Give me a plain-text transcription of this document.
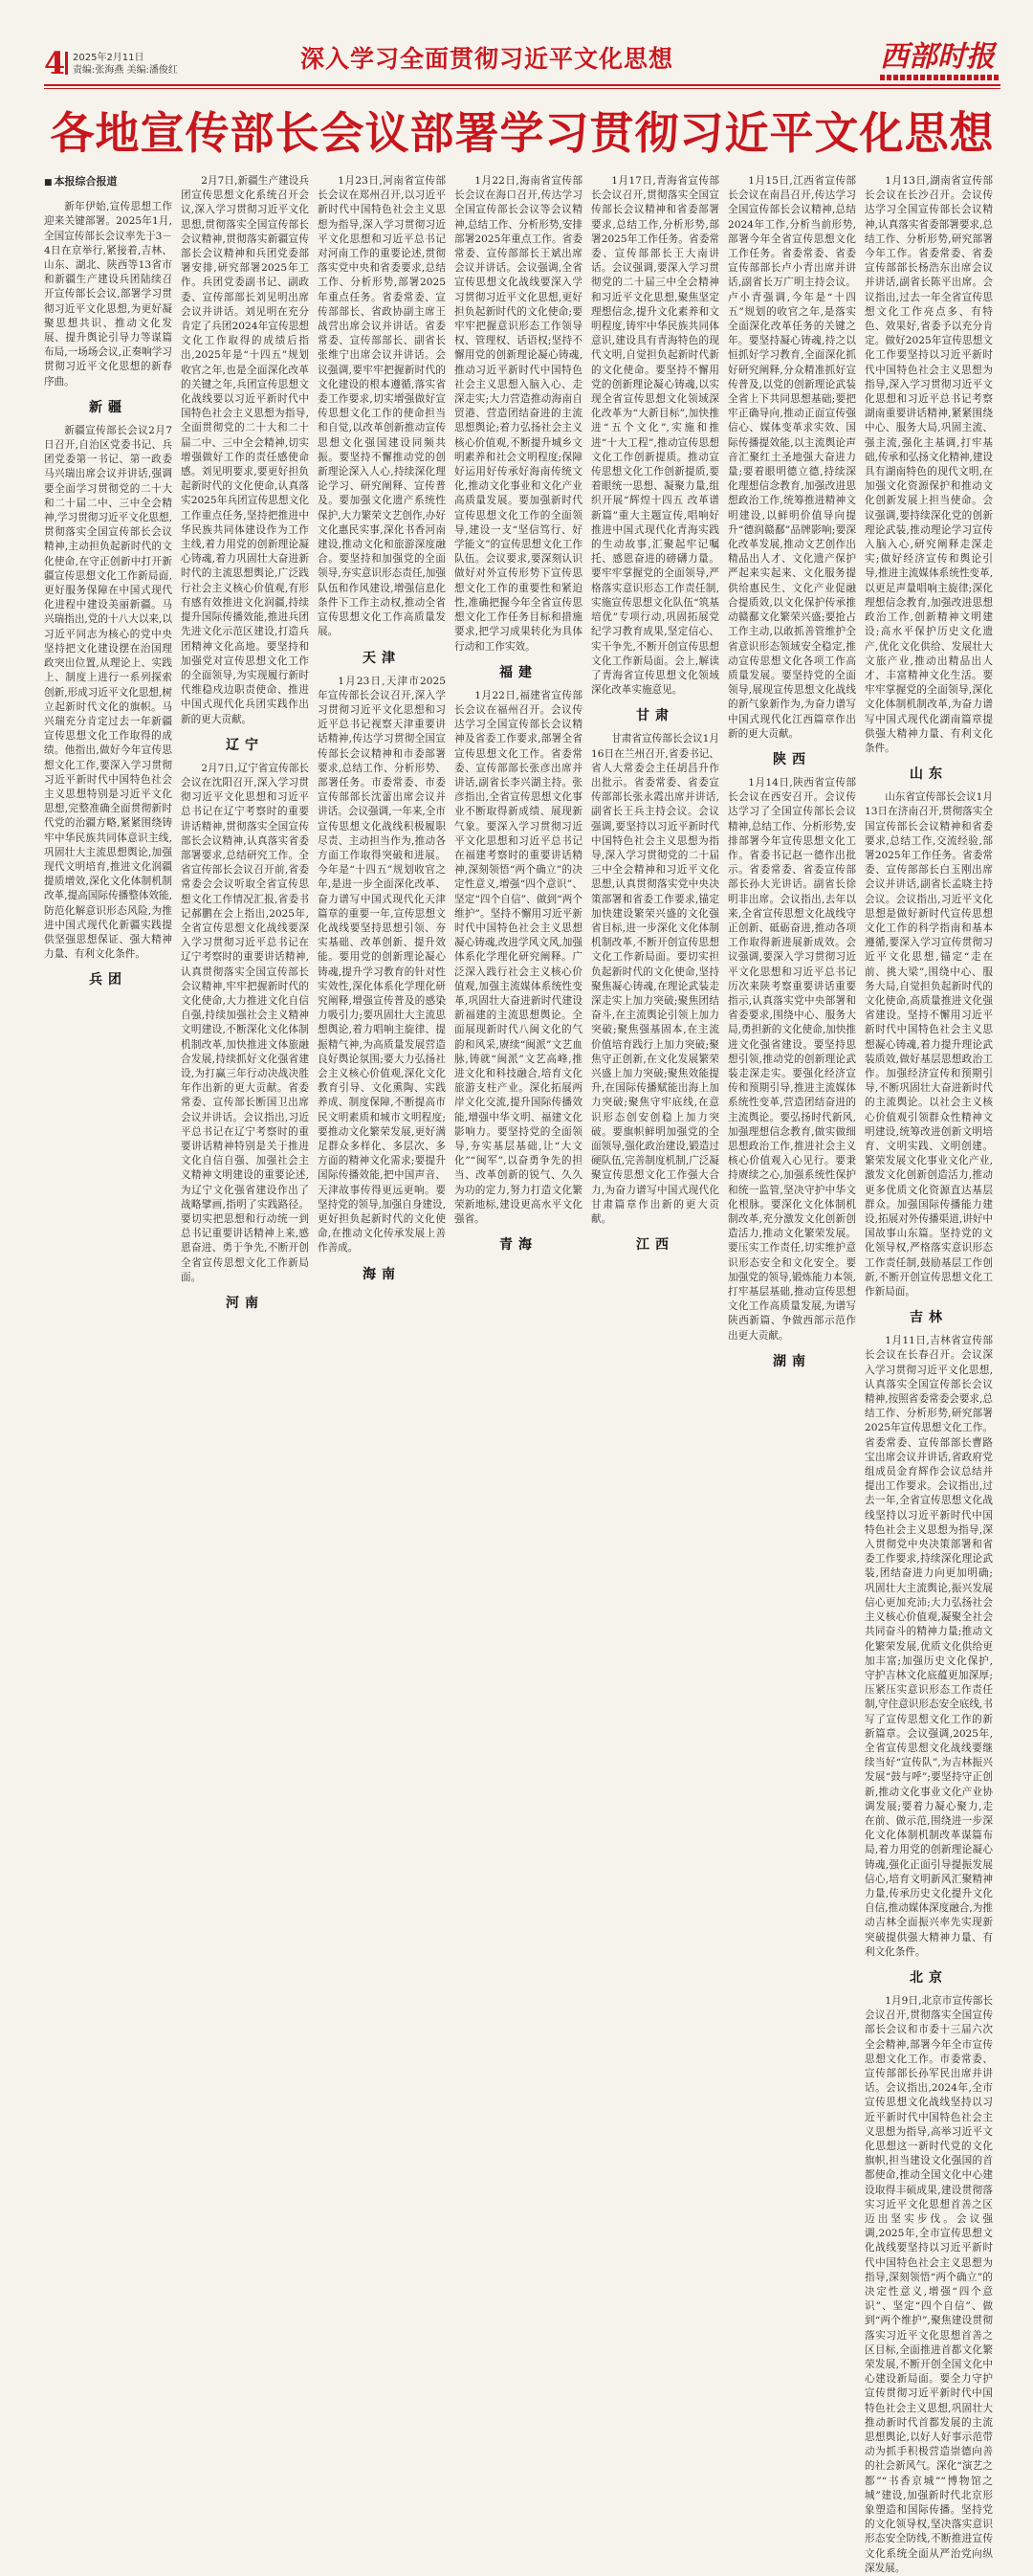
4 2025年2月11日
责编:张海燕 美编:潘俊红	深入学习全面贯彻习近平文化思想	西部时报
各地宣传部长会议部署学习贯彻习近平文化思想

■ 本报综合报道

新年伊始,宣传思想工作迎来关键部署。2025年1月,全国宣传部长会议率先于3－4日在京举行,紧接着,吉林、山东、湖北、陕西等13省市和新疆生产建设兵团陆续召开宣传部长会议,部署学习贯彻习近平文化思想,为更好凝聚思想共识、推动文化发展、提升舆论引导力等谋篇布局,一场场会议,正奏响学习贯彻习近平文化思想的新春序曲。

新疆

新疆宣传部长会议2月7日召开,自治区党委书记、兵团党委第一书记、第一政委马兴瑞出席会议并讲话,强调要全面学习贯彻党的二十大和二十届二中、三中全会精神,学习贯彻习近平文化思想,贯彻落实全国宣传部长会议精神,主动担负起新时代的文化使命,在守正创新中打开新疆宣传思想文化工作新局面,更好服务保障在中国式现代化进程中建设美丽新疆。马兴瑞指出,党的十八大以来,以习近平同志为核心的党中央坚持把文化建设摆在治国理政突出位置,从理论上、实践上、制度上进行一系列探索创新,形成习近平文化思想,树立起新时代文化的旗帜。马兴瑞充分肯定过去一年新疆宣传思想文化工作取得的成绩。他指出,做好今年宣传思想文化工作,要深入学习贯彻习近平新时代中国特色社会主义思想特别是习近平文化思想,完整准确全面贯彻新时代党的治疆方略,紧紧围绕铸牢中华民族共同体意识主线,巩固壮大主流思想舆论,加强现代文明培育,推进文化润疆提质增效,深化文化体制机制改革,提高国际传播整体效能,防范化解意识形态风险,为推进中国式现代化新疆实践提供坚强思想保证、强大精神力量、有利文化条件。

兵团

2月7日,新疆生产建设兵团宣传思想文化系统召开会议,深入学习贯彻习近平文化思想,贯彻落实全国宣传部长会议精神,贯彻落实新疆宣传部长会议精神和兵团党委部署安排,研究部署2025年工作。兵团党委副书记、副政委、宣传部部长刘见明出席会议并讲话。刘见明在充分肯定了兵团2024年宣传思想文化工作取得的成绩后指出,2025年是“十四五”规划收官之年,也是全面深化改革的关键之年,兵团宣传思想文化战线要以习近平新时代中国特色社会主义思想为指导,全面贯彻党的二十大和二十届二中、三中全会精神,切实增强做好工作的责任感使命感。刘见明要求,要更好担负起新时代的文化使命,认真落实2025年兵团宣传思想文化工作重点任务,坚持把推进中华民族共同体建设作为工作主线,着力用党的创新理论凝心铸魂,着力巩固壮大奋进新时代的主流思想舆论,广泛践行社会主义核心价值观,有形有感有效推进文化润疆,持续提升国际传播效能,推进兵团先进文化示范区建设,打造兵团精神文化高地。要坚持和加强党对宣传思想文化工作的全面领导,为实现履行新时代维稳戍边职责使命、推进中国式现代化兵团实践作出新的更大贡献。

辽宁

2月7日,辽宁省宣传部长会议在沈阳召开,深入学习贯彻习近平文化思想和习近平总书记在辽宁考察时的重要讲话精神,贯彻落实全国宣传部长会议精神,认真落实省委部署要求,总结研究工作。全省宣传部长会议召开前,省委常委会会议听取全省宣传思想文化工作情况汇报,省委书记郝鹏在会上指出,2025年,全省宣传思想文化战线要深入学习贯彻习近平总书记在辽宁考察时的重要讲话精神,认真贯彻落实全国宣传部长会议精神,牢牢把握新时代的文化使命,大力推进文化自信自强,持续加强社会主义精神文明建设,不断深化文化体制机制改革,加快推进文体旅融合发展,持续抓好文化强省建设,为打赢三年行动决战决胜年作出新的更大贡献。省委常委、宣传部长断国卫出席会议并讲话。会议指出,习近平总书记在辽宁考察时的重要讲话精神特别是关于推进文化自信自强、加强社会主义精神文明建设的重要论述,为辽宁文化强省建设作出了战略擘画,指明了实践路径。要切实把思想和行动统一到总书记重要讲话精神上来,感恩奋进、勇于争先,不断开创全省宣传思想文化工作新局面。

河南

1月23日,河南省宣传部长会议在郑州召开,以习近平新时代中国特色社会主义思想为指导,深入学习贯彻习近平文化思想和习近平总书记对河南工作的重要论述,贯彻落实党中央和省委要求,总结工作、分析形势,部署2025年重点任务。省委常委、宣传部部长、省政协副主席王战营出席会议并讲话。省委常委、宣传部部长、副省长张维宁出席会议并讲话。会议强调,要牢牢把握新时代的文化建设的根本遵循,落实省委工作要求,切实增强做好宣传思想文化工作的使命担当和自觉,以改革创新推动宣传思想文化强国建设同频共振。要坚持不懈推动党的创新理论深入人心,持续深化理论学习、研究阐释、宣传普及。要加强文化遗产系统性保护,大力繁荣文艺创作,办好文化惠民实事,深化书香河南建设,推动文化和旅游深度融合。要坚持和加强党的全面领导,夯实意识形态责任,加强队伍和作风建设,增强信息化条件下工作主动权,推动全省宣传思想文化工作高质量发展。

天津

1月23日,天津市2025年宣传部长会议召开,深入学习贯彻习近平文化思想和习近平总书记视察天津重要讲话精神,传达学习贯彻全国宣传部长会议精神和市委部署要求,总结工作、分析形势、部署任务。市委常委、市委宣传部部长沈蕾出席会议并讲话。会议强调,一年来,全市宣传思想文化战线积极履职尽责、主动担当作为,推动各方面工作取得突破和进展。今年是“十四五”规划收官之年,是进一步全面深化改革、奋力谱写中国式现代化天津篇章的重要一年,宣传思想文化战线要坚持思想引领、夯实基础、改革创新、提升效能。要用党的创新理论凝心铸魂,提升学习教育的针对性实效性,深化体系化学理化研究阐释,增强宣传普及的感染力吸引力;要巩固壮大主流思想舆论,着力唱响主旋律、提振精气神,为高质量发展营造良好舆论氛围;要大力弘扬社会主义核心价值观,深化文化教育引导、文化熏陶、实践养成、制度保障,不断提高市民文明素质和城市文明程度;要推动文化繁荣发展,更好满足群众多样化、多层次、多方面的精神文化需求;要提升国际传播效能,把中国声音、天津故事传得更远更响。要坚持党的领导,加强自身建设,更好担负起新时代的文化使命,在推动文化传承发展上善作善成。

海南

1月22日,海南省宣传部长会议在海口召开,传达学习全国宣传部长会议等会议精神,总结工作、分析形势,安排部署2025年重点工作。省委常委、宣传部部长王斌出席会议并讲话。会议强调,全省宣传思想文化战线要深入学习贯彻习近平文化思想,更好担负起新时代的文化使命;要牢牢把握意识形态工作领导权、管理权、话语权;坚持不懈用党的创新理论凝心铸魂,推动习近平新时代中国特色社会主义思想入脑入心、走深走实;大力营造推动海南自贸港、营造团结奋进的主流思想舆论;着力弘扬社会主义核心价值观,不断提升城乡文明素养和社会文明程度;保障好运用好传承好海南传统文化,推动文化事业和文化产业高质量发展。要加强新时代宣传思想文化工作的全面领导,建设一支“坚信笃行、好学能文”的宣传思想文化工作队伍。会议要求,要深刻认识做好对外宣传形势下宣传思想文化工作的重要性和紧迫性,准确把握今年全省宣传思想文化工作任务目标和措施要求,把学习成果转化为具体行动和工作实效。

福建

1月22日,福建省宣传部长会议在福州召开。会议传达学习全国宣传部长会议精神及省委工作要求,部署全省宣传思想文化工作。省委常委、宣传部部长张彦出席并讲话,副省长李兴湖主持。张彦指出,全省宣传思想文化事业不断取得新成绩、展现新气象。要深入学习贯彻习近平文化思想和习近平总书记在福建考察时的重要讲话精神,深刻领悟“两个确立”的决定性意义,增强“四个意识”、坚定“四个自信”、做到“两个维护”。坚持不懈用习近平新时代中国特色社会主义思想凝心铸魂,改进学风文风,加强体系化学理化研究阐释。广泛深入践行社会主义核心价值观,加强主流媒体系统性变革,巩固壮大奋进新时代建设新福建的主流思想舆论。全面展现新时代八闽文化的气韵和风采,赓续“闽派”文艺血脉,铸就“闽派”文艺高峰,推进文化和科技融合,培育文化旅游支柱产业。深化拓展两岸文化交流,提升国际传播效能,增强中华文明、福建文化影响力。要坚持党的全面领导,夯实基层基础,让“大文化”“闽军”,以奋勇争先的担当、改革创新的锐气、久久为功的定力,努力打造文化繁荣新地标,建设更高水平文化强省。

青海

1月17日,青海省宣传部长会议召开,贯彻落实全国宣传部长会议精神和省委部署要求,总结工作,分析形势,部署2025年工作任务。省委常委、宣传部部长王大南讲话。会议强调,要深入学习贯彻党的二十届三中全会精神和习近平文化思想,聚焦坚定理想信念,提升文化素养和文明程度,铸牢中华民族共同体意识,建设具有青海特色的现代文明,自觉担负起新时代新的文化使命。要坚持不懈用党的创新理论凝心铸魂,以实现全省宣传思想文化领域深化改革为“大新目标”,加快推进“五个文化”,实施和推进“十大工程”,推动宣传思想文化工作创新提质。推动宣传思想文化工作创新提质,要着眼统一思想、凝聚力量,组织开展“辉煌十四五 改革谱新篇”重大主题宣传,唱响好推进中国式现代化青海实践的生动故事,汇聚起牢记嘱托、感恩奋进的磅礴力量。要牢牢掌握党的全面领导,严格落实意识形态工作责任制,实施宣传思想文化队伍“筑基培优”专项行动,巩固拓展党纪学习教育成果,坚定信心、实干争先,不断开创宣传思想文化工作新局面。会上,解读了青海省宣传思想文化领域深化改革实施意见。

甘肃

甘肃省宣传部长会议1月16日在兰州召开,省委书记、省人大常委会主任胡昌升作出批示。省委常委、省委宣传部部长张永霞出席并讲话,副省长王兵主持会议。会议强调,要坚持以习近平新时代中国特色社会主义思想为指导,深入学习贯彻党的二十届三中全会精神和习近平文化思想,认真贯彻落实党中央决策部署和省委工作要求,锚定加快建设繁荣兴盛的文化强省目标,进一步深化文化体制机制改革,不断开创宣传思想文化工作新局面。要切实担负起新时代的文化使命,坚持聚焦凝心铸魂,在理论武装走深走实上加力突破;聚焦团结奋斗,在主流舆论引领上加力突破;聚焦强基固本,在主流价值培育践行上加力突破;聚焦守正创新,在文化发展繁荣兴盛上加力突破;聚焦效能提升,在国际传播赋能出海上加力突破;聚焦守牢底线,在意识形态创安创稳上加力突破。要旗帜鲜明加强党的全面领导,强化政治建设,锻造过硬队伍,完善制度机制,广泛凝聚宣传思想文化工作强大合力,为奋力谱写中国式现代化甘肃篇章作出新的更大贡献。

江西

1月15日,江西省宣传部长会议在南昌召开,传达学习全国宣传部长会议精神,总结2024年工作,分析当前形势,部署今年全省宣传思想文化工作任务。省委常委、省委宣传部部长卢小青出席并讲话,副省长万广明主持会议。卢小青强调,今年是“十四五”规划的收官之年,是落实全面深化改革任务的关键之年。要坚持凝心铸魂,持之以恒抓好学习教育,全面深化抓好研究阐释,分众精准抓好宣传普及,以党的创新理论武装全省上下共同思想基础;要把牢正确导向,推动正面宣传强信心、媒体变革求实效、国际传播提效能,以主流舆论声音汇聚红土圣地强大奋进力量;要着眼明德立德,持续深化理想信念教育,加强改进思想政治工作,统筹推进精神文明建设,以鲜明价值导向提升“德润赣鄱”品牌影响;要深化改革发展,推动文艺创作出精品出人才、文化遗产保护严起来实起来、文化服务提供给惠民生、文化产业促融合提质效,以文化保护传承推动赣鄱文化繁荣兴盛;要抢占工作主动,以敢抓善管维护全省意识形态领域安全稳定,推动宣传思想文化各项工作高质量发展。要坚持党的全面领导,展现宣传思想文化战线的新气象新作为,为奋力谱写中国式现代化江西篇章作出新的更大贡献。

陕西

1月14日,陕西省宣传部长会议在西安召开。会议传达学习了全国宣传部长会议精神,总结工作、分析形势,安排部署今年宣传思想文化工作。省委书记赵一德作出批示。省委常委、省委宣传部部长孙大光讲话。副省长徐明非出席。会议指出,去年以来,全省宣传思想文化战线守正创新、砥砺奋进,推动各项工作取得新进展新成效。会议强调,要深入学习贯彻习近平文化思想和习近平总书记历次来陕考察重要讲话重要指示,认真落实党中央部署和省委要求,围绕中心、服务大局,勇担新的文化使命,加快推进文化强省建设。要坚持思想引领,推动党的创新理论武装走深走实。要强化经济宣传和预期引导,推进主流媒体系统性变革,营造团结奋进的主流舆论。要弘扬时代新风,加强理想信念教育,做实做细思想政治工作,推进社会主义核心价值观入心见行。要秉持赓续之心,加强系统性保护和统一监管,坚决守护中华文化根脉。要深化文化体制机制改革,充分激发文化创新创造活力,推动文化繁荣发展。要压实工作责任,切实维护意识形态安全和文化安全。要加强党的领导,锻炼能力本领,打牢基层基础,推动宣传思想文化工作高质量发展,为谱写陕西新篇、争做西部示范作出更大贡献。

湖南

1月13日,湖南省宣传部长会议在长沙召开。会议传达学习全国宣传部长会议精神,认真落实省委部署要求,总结工作、分析形势,研究部署今年工作。省委常委、省委宣传部部长杨浩东出席会议并讲话,副省长陈平出席。会议指出,过去一年全省宣传思想文化工作亮点多、有特色、效果好,省委予以充分肯定。做好2025年宣传思想文化工作要坚持以习近平新时代中国特色社会主义思想为指导,深入学习贯彻习近平文化思想和习近平总书记考察湖南重要讲话精神,紧紧围绕中心、服务大局,巩固主流、强主流,强化主基调,打牢基础,传承和弘扬文化精神,建设具有湖南特色的现代文明,在加强文化资源保护和推动文化创新发展上担当使命。会议强调,要持续深化党的创新理论武装,推动理论学习宣传入脑入心,研究阐释走深走实;做好经济宣传和舆论引导,推进主流媒体系统性变革,以更足声量唱响主旋律;深化理想信念教育,加强改进思想政治工作,创新精神文明建设;高水平保护历史文化遗产,优化文化供给、发展壮大文旅产业,推动出精品出人才、丰富精神文化生活。要牢牢掌握党的全面领导,深化文化体制机制改革,为奋力谱写中国式现代化湖南篇章提供强大精神力量、有利文化条件。

山东

山东省宣传部长会议1月13日在济南召开,贯彻落实全国宣传部长会议精神和省委要求,总结工作,交流经验,部署2025年工作任务。省委常委、宣传部部长白玉刚出席会议并讲话,副省长孟晓主持会议。会议指出,习近平文化思想是做好新时代宣传思想文化工作的科学指南和基本遵循,要深入学习宣传贯彻习近平文化思想,锚定“走在前、挑大梁”,围绕中心、服务大局,自觉担负起新时代的文化使命,高质量推进文化强省建设。坚持不懈用习近平新时代中国特色社会主义思想凝心铸魂,着力提升理论武装质效,做好基层思想政治工作。加强经济宣传和预期引导,不断巩固壮大奋进新时代的主流舆论。以社会主义核心价值观引领群众性精神文明建设,统筹改进创新文明培育、文明实践、文明创建。繁荣发展文化事业文化产业,激发文化创新创造活力,推动更多优质文化资源直达基层群众。加强国际传播能力建设,拓展对外传播渠道,讲好中国故事山东篇。坚持党的文化领导权,严格落实意识形态工作责任制,鼓励基层工作创新,不断开创宣传思想文化工作新局面。

吉林

1月11日,吉林省宣传部长会议在长春召开。会议深入学习贯彻习近平文化思想,认真落实全国宣传部长会议精神,按照省委常委会要求,总结工作、分析形势,研究部署2025年宣传思想文化工作。省委常委、宣传部部长曹路宝出席会议并讲话,省政府党组成员金育辉作会议总结并提出工作要求。会议指出,过去一年,全省宣传思想文化战线坚持以习近平新时代中国特色社会主义思想为指导,深入贯彻党中央决策部署和省委工作要求,持续深化理论武装,团结奋进力向更加明确;巩固壮大主流舆论,振兴发展信心更加充沛;大力弘扬社会主义核心价值观,凝聚全社会共同奋斗的精神力量;推动文化繁荣发展,优质文化供给更加丰富;加强历史文化保护,守护吉林文化底蕴更加深厚;压紧压实意识形态工作责任制,守住意识形态安全底线,书写了宣传思想文化工作的新新篇章。会议强调,2025年,全省宣传思想文化战线要继续当好“宣传队”,为吉林振兴发展“鼓与呼”;要坚持守正创新,推动文化事业文化产业协调发展;要着力凝心聚力,走在前、做示范,围绕进一步深化文化体制机制改革谋篇布局,着力用党的创新理论凝心铸魂,强化正面引导提振发展信心,培育文明新风汇聚精神力量,传承历史文化提升文化自信,推动媒体深度融合,为推动吉林全面振兴率先实现新突破提供强大精神力量、有利文化条件。

北京

1月9日,北京市宣传部长会议召开,贯彻落实全国宣传部长会议和市委十三届六次全会精神,部署今年全市宣传思想文化工作。市委常委、宣传部部长孙军民出席并讲话。会议指出,2024年,全市宣传思想文化战线坚持以习近平新时代中国特色社会主义思想为指导,高举习近平文化思想这一新时代党的文化旗帜,担当建设文化强国的首都使命,推动全国文化中心建设取得丰硕成果,建设贯彻落实习近平文化思想首善之区迈出坚实步伐。会议强调,2025年,全市宣传思想文化战线要坚持以习近平新时代中国特色社会主义思想为指导,深刻领悟“两个确立”的决定性意义,增强“四个意识”、坚定“四个自信”、做到“两个维护”,聚焦建设贯彻落实习近平文化思想首善之区目标,全面推进首都文化繁荣发展,不断开创全国文化中心建设新局面。要全力守护宣传贯彻习近平新时代中国特色社会主义思想,巩固壮大推动新时代首都发展的主流思想舆论,以好人好事示范带动为抓手积极营造崇德向善的社会新风气。深化“演艺之都”“书香京城”“博物馆之城”建设,加强新时代北京形象塑造和国际传播。坚持党的文化领导权,坚决落实意识形态安全防线,不断推进宣传文化系统全面从严治党向纵深发展。
